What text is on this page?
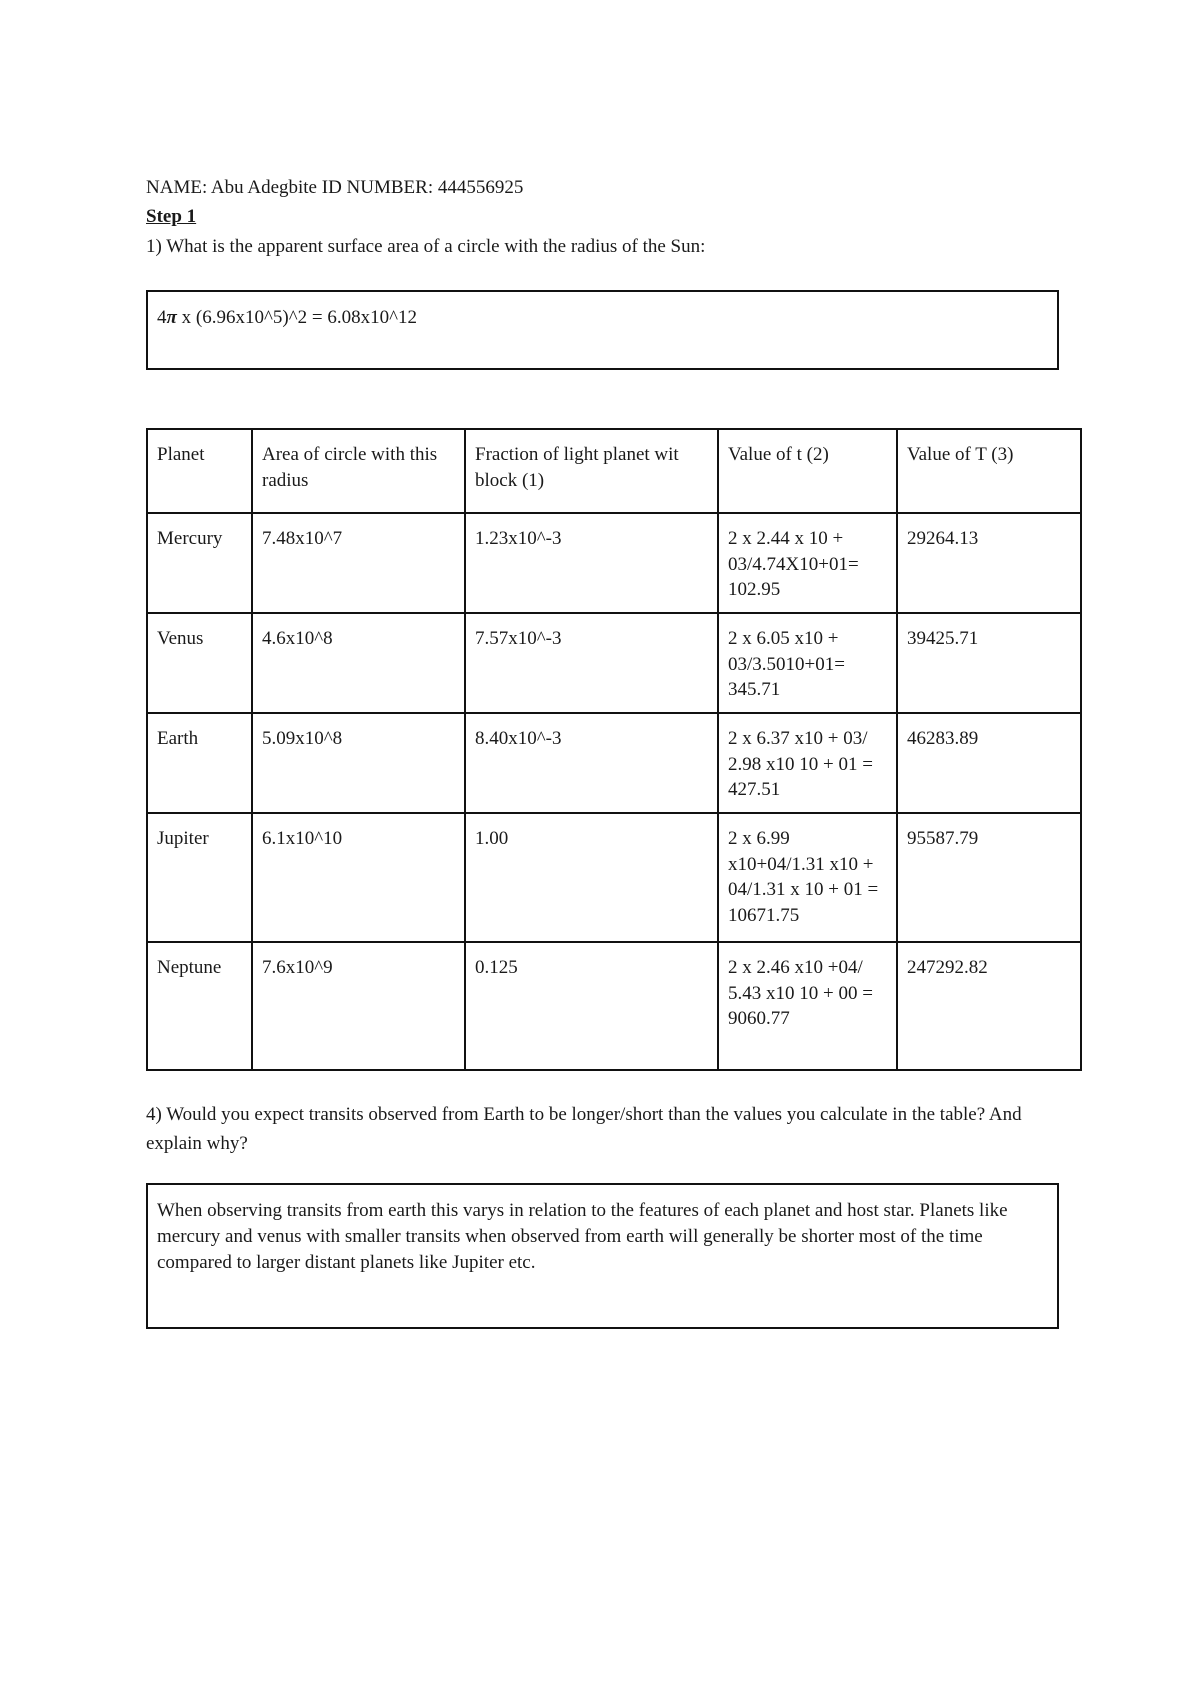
NAME: Abu Adegbite ID NUMBER: 444556925
Step 1
1) What is the apparent surface area of a circle with the radius of the Sun:
4π x (6.96x10^5)^2 = 6.08x10^12
Planet	Area of circle with this radius	Fraction of light planet wit block (1)	Value of t (2)	Value of T (3)
Mercury	7.48x10^7	1.23x10^-3	2 x 2.44 x 10 + 03/4.74X10+01= 102.95	29264.13
Venus	4.6x10^8	7.57x10^-3	2 x 6.05 x10 + 03/3.5010+01= 345.71	39425.71
Earth	5.09x10^8	8.40x10^-3	2 x 6.37 x10 + 03/ 2.98 x10 10 + 01 = 427.51	46283.89
Jupiter	6.1x10^10	1.00	2 x 6.99 x10+04/1.31 x10 + 04/1.31 x 10 + 01 = 10671.75	95587.79
Neptune	7.6x10^9	0.125	2 x 2.46 x10 +04/ 5.43 x10 10 + 00 = 9060.77	247292.82
4) Would you expect transits observed from Earth to be longer/short than the values you calculate in the table? And explain why?
When observing transits from earth this varys in relation to the features of each planet and host star. Planets like mercury and venus with smaller transits when observed from earth will generally be shorter most of the time compared to larger distant planets like Jupiter etc.
